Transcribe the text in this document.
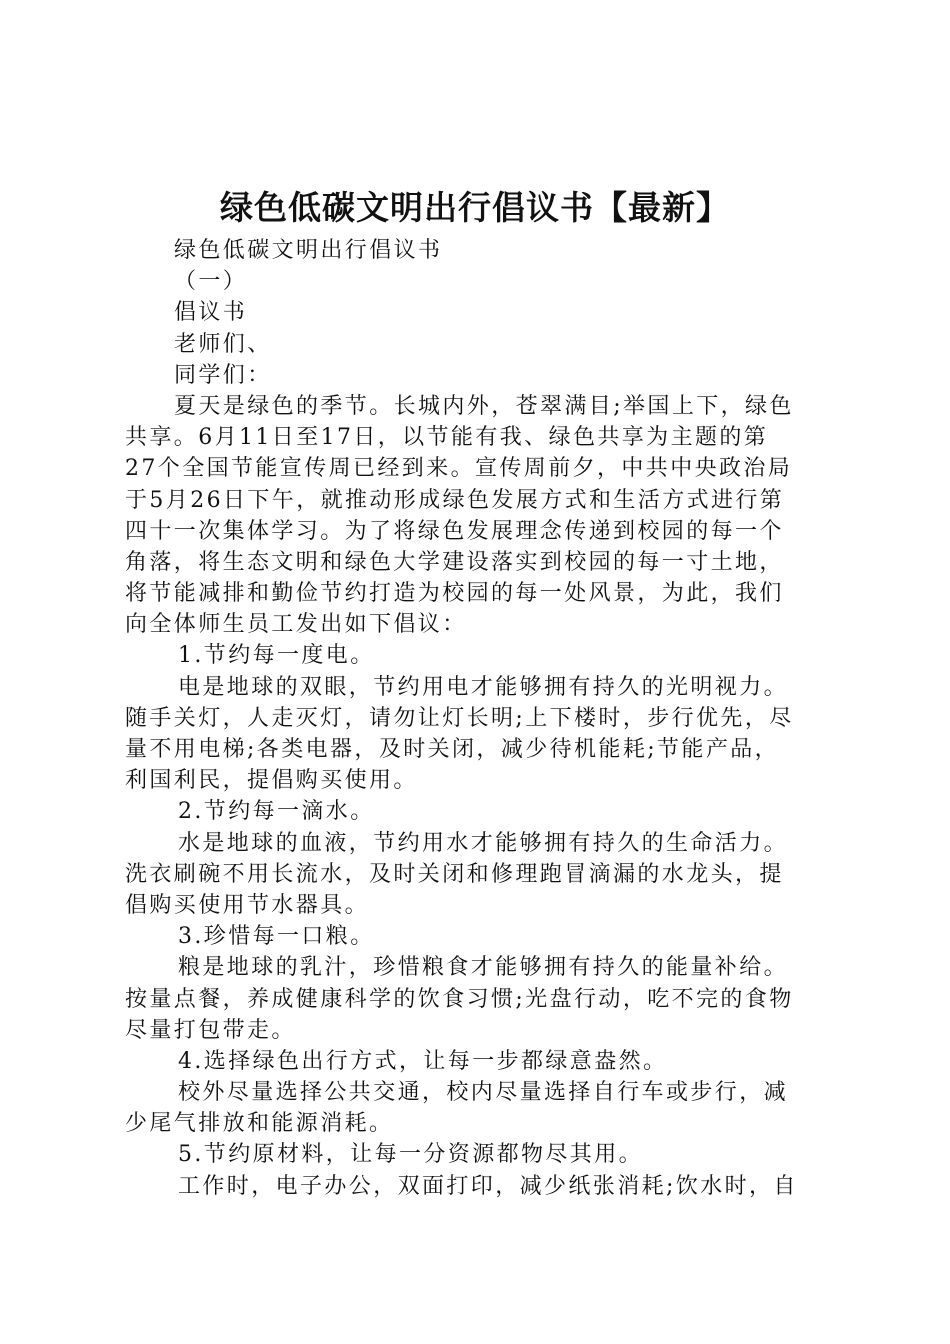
绿色低碳文明出行倡议书【最新】
绿色低碳文明出行倡议书
（一）
倡议书
老师们、
同学们：
夏天是绿色的季节。长城内外，苍翠满目;举国上下，绿色
共享。6月11日至17日，以节能有我、绿色共享为主题的第
27个全国节能宣传周已经到来。宣传周前夕，中共中央政治局
于5月26日下午，就推动形成绿色发展方式和生活方式进行第
四十一次集体学习。为了将绿色发展理念传递到校园的每一个
角落，将生态文明和绿色大学建设落实到校园的每一寸土地，
将节能减排和勤俭节约打造为校园的每一处风景，为此，我们
向全体师生员工发出如下倡议：
1.节约每一度电。
电是地球的双眼，节约用电才能够拥有持久的光明视力。
随手关灯，人走灭灯，请勿让灯长明;上下楼时，步行优先，尽
量不用电梯;各类电器，及时关闭，减少待机能耗;节能产品，
利国利民，提倡购买使用。
2.节约每一滴水。
水是地球的血液，节约用水才能够拥有持久的生命活力。
洗衣刷碗不用长流水，及时关闭和修理跑冒滴漏的水龙头，提
倡购买使用节水器具。
3.珍惜每一口粮。
粮是地球的乳汁，珍惜粮食才能够拥有持久的能量补给。
按量点餐，养成健康科学的饮食习惯;光盘行动，吃不完的食物
尽量打包带走。
4.选择绿色出行方式，让每一步都绿意盎然。
校外尽量选择公共交通，校内尽量选择自行车或步行，减
少尾气排放和能源消耗。
5.节约原材料，让每一分资源都物尽其用。
工作时，电子办公，双面打印，减少纸张消耗;饮水时，自
